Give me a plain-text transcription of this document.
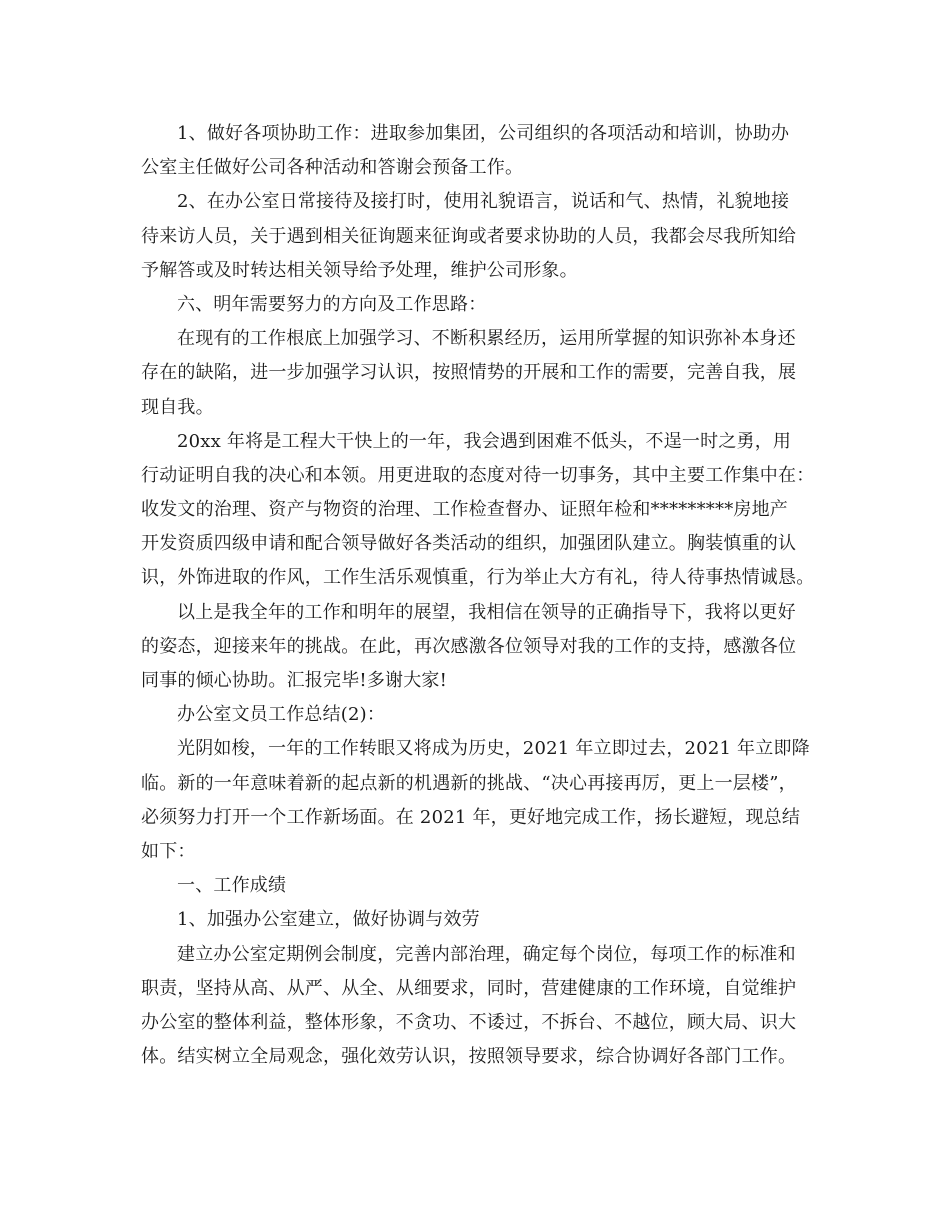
1、做好各项协助工作：进取参加集团，公司组织的各项活动和培训，协助办
公室主任做好公司各种活动和答谢会预备工作。
2、在办公室日常接待及接打时，使用礼貌语言，说话和气、热情，礼貌地接
待来访人员，关于遇到相关征询题来征询或者要求协助的人员，我都会尽我所知给
予解答或及时转达相关领导给予处理，维护公司形象。
六、明年需要努力的方向及工作思路：
在现有的工作根底上加强学习、不断积累经历，运用所掌握的知识弥补本身还
存在的缺陷，进一步加强学习认识，按照情势的开展和工作的需要，完善自我，展
现自我。
20xx 年将是工程大干快上的一年，我会遇到困难不低头，不逞一时之勇，用
行动证明自我的决心和本领。用更进取的态度对待一切事务，其中主要工作集中在：
收发文的治理、资产与物资的治理、工作检查督办、证照年检和*********房地产
开发资质四级申请和配合领导做好各类活动的组织，加强团队建立。胸装慎重的认
识，外饰进取的作风，工作生活乐观慎重，行为举止大方有礼，待人待事热情诚恳。
以上是我全年的工作和明年的展望，我相信在领导的正确指导下，我将以更好
的姿态，迎接来年的挑战。在此，再次感激各位领导对我的工作的支持，感激各位
同事的倾心协助。汇报完毕!多谢大家!
办公室文员工作总结(2)：
光阴如梭，一年的工作转眼又将成为历史，2021 年立即过去，2021 年立即降
临。新的一年意味着新的起点新的机遇新的挑战、“决心再接再厉，更上一层楼”，
必须努力打开一个工作新场面。在 2021 年，更好地完成工作，扬长避短，现总结
如下：
一、工作成绩
1、加强办公室建立，做好协调与效劳
建立办公室定期例会制度，完善内部治理，确定每个岗位，每项工作的标准和
职责，坚持从高、从严、从全、从细要求，同时，营建健康的工作环境，自觉维护
办公室的整体利益，整体形象，不贪功、不诿过，不拆台、不越位，顾大局、识大
体。结实树立全局观念，强化效劳认识，按照领导要求，综合协调好各部门工作。
